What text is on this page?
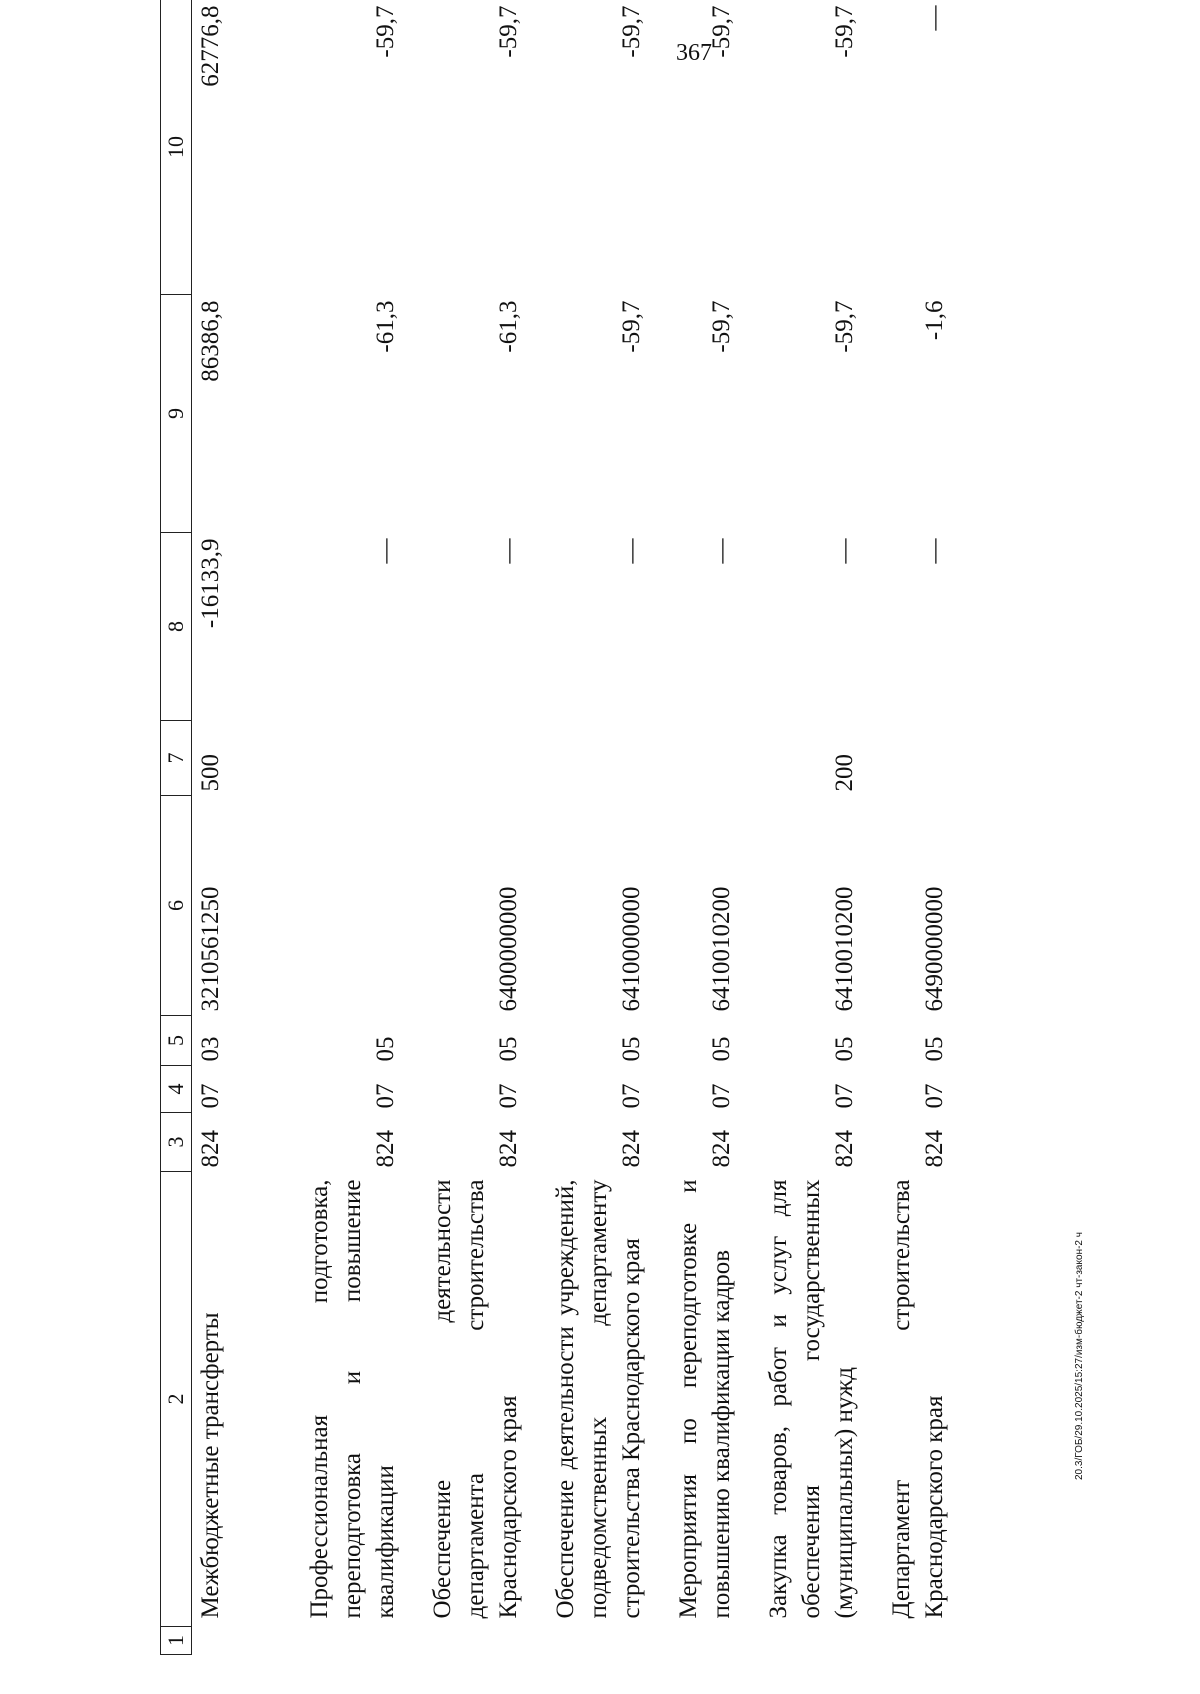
367
1	2	3	4	5	6	7	8	9	10
	Межбюджетные трансферты	824	07	03	3210561250	500	-16133,9	86386,8	62776,8

	Профессиональная подготовка, переподготовка и повышение квалификации	824	07	05			—	-61,3	-59,7

	Обеспечение деятельности департамента строительства Краснодарского края	824	07	05	6400000000		—	-61,3	-59,7

	Обеспечение деятельности учреждений, подведомственных департаменту строительства Краснодарского края	824	07	05	6410000000		—	-59,7	-59,7

	Мероприятия по переподготовке и повышению квалификации кадров	824	07	05	6410010200		—	-59,7	-59,7

	Закупка товаров, работ и услуг для обеспечения государственных (муниципальных) нужд	824	07	05	6410010200	200	—	-59,7	-59,7

	Департамент строительства Краснодарского края	824	07	05	6490000000		—	-1,6	—
20.3/ГОБ/29.10.2025/15:27/изм-бюджет-2 чт-закон-2 ч
